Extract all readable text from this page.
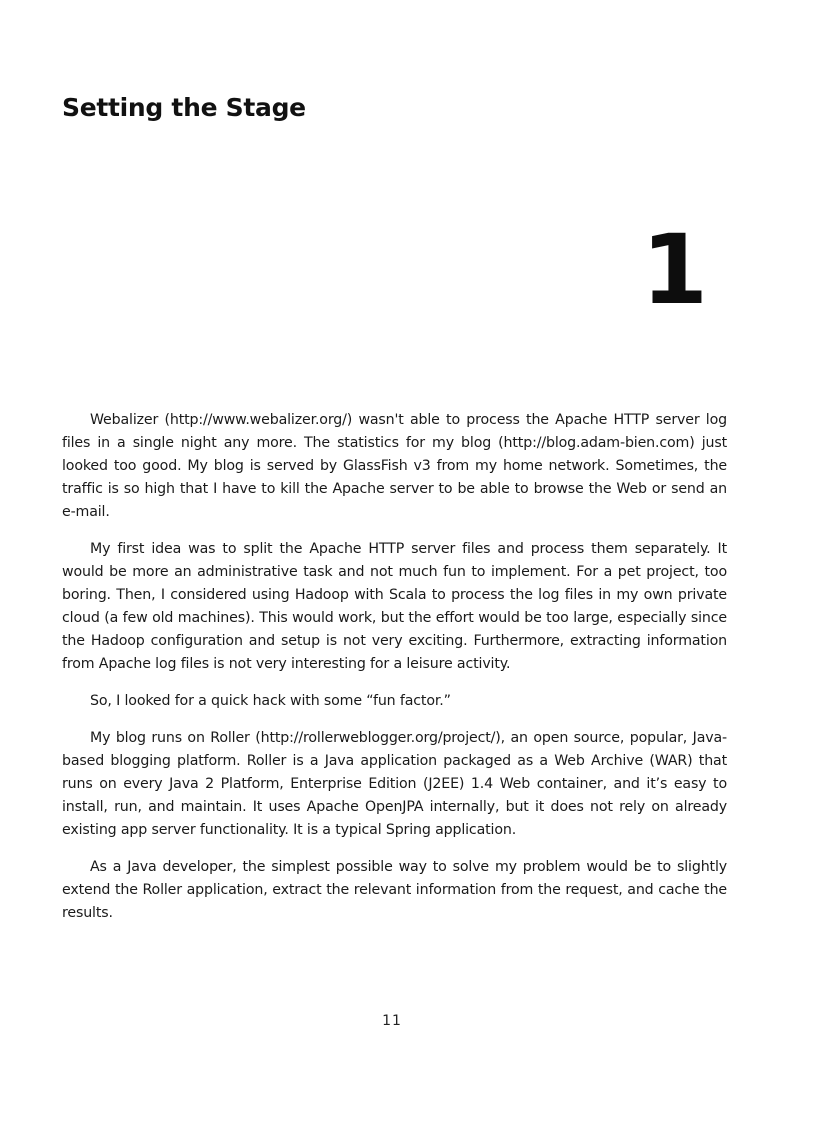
Setting the Stage
1

Webalizer (http://www.webalizer.org/) wasn't able to process the Apache HTTP server log files in a single night any more. The statistics for my blog (http://blog.adam-bien.com) just looked too good. My blog is served by GlassFish v3 from my home network. Sometimes, the traffic is so high that I have to kill the Apache server to be able to browse the Web or send an e-mail.

My first idea was to split the Apache HTTP server files and process them separately. It would be more an administrative task and not much fun to implement. For a pet project, too boring. Then, I considered using Hadoop with Scala to process the log files in my own private cloud (a few old machines). This would work, but the effort would be too large, especially since the Hadoop configuration and setup is not very exciting. Furthermore, extracting information from Apache log files is not very interesting for a leisure activity.

So, I looked for a quick hack with some “fun factor.”

My blog runs on Roller (http://rollerweblogger.org/project/), an open source, popular, Java-based blogging platform. Roller is a Java application packaged as a Web Archive (WAR) that runs on every Java 2 Platform, Enterprise Edition (J2EE) 1.4 Web container, and it’s easy to install, run, and maintain. It uses Apache OpenJPA internally, but it does not rely on already existing app server functionality. It is a typical Spring application.

As a Java developer, the simplest possible way to solve my problem would be to slightly extend the Roller application, extract the relevant information from the request, and cache the results.

11
